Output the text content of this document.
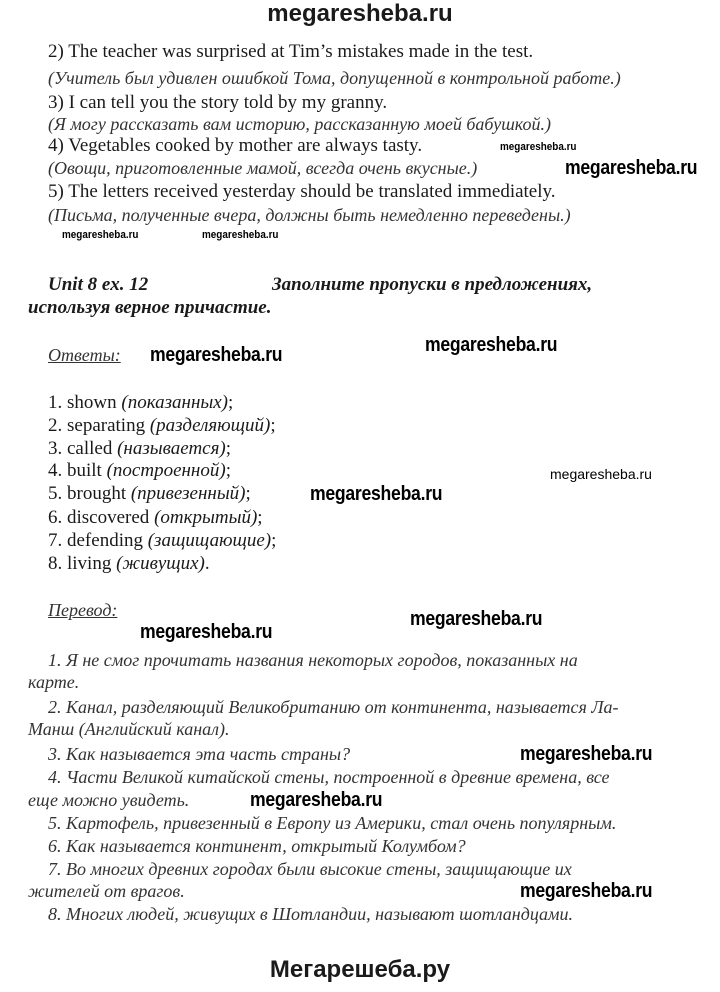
megaresheba.ru
2) The teacher was surprised at Tim’s mistakes made in the test.
(Учитель был удивлен ошибкой Тома, допущенной в контрольной работе.)
3) I can tell you the story told by my granny.
(Я могу рассказать вам историю, рассказанную моей бабушкой.)
4) Vegetables cooked by mother are always tasty.
(Овощи, приготовленные мамой, всегда очень вкусные.)
5) The letters received yesterday should be translated immediately.
(Письма, полученные вчера, должны быть немедленно переведены.)
megaresheba.ru
megaresheba.ru
megaresheba.ru	megaresheba.ru
Unit 8 ex. 12	Заполните пропуски в предложениях,
используя верное причастие.
Ответы: megaresheba.ru	megaresheba.ru
1. shown (показанных);
2. separating (разделяющий);
3. called (называется);
4. built (построенной);
5. brought (привезенный);
6. discovered (открытый);
7. defending (защищающие);
8. living (живущих).
megaresheba.ru
megaresheba.ru
Перевод:
megaresheba.ru
megaresheba.ru
1. Я не смог прочитать названия некоторых городов, показанных на
карте.
2. Канал, разделяющий Великобританию от континента, называется Ла-
Манш (Английский канал).
3. Как называется эта часть страны?
4. Части Великой китайской стены, построенной в древние времена, все
еще можно увидеть.
5. Картофель, привезенный в Европу из Америки, стал очень популярным.
6. Как называется континент, открытый Колумбом?
7. Во многих древних городах были высокие стены, защищающие их
жителей от врагов.
8. Многих людей, живущих в Шотландии, называют шотландцами.
megaresheba.ru
megaresheba.ru
megaresheba.ru
Мегарешеба.ру
